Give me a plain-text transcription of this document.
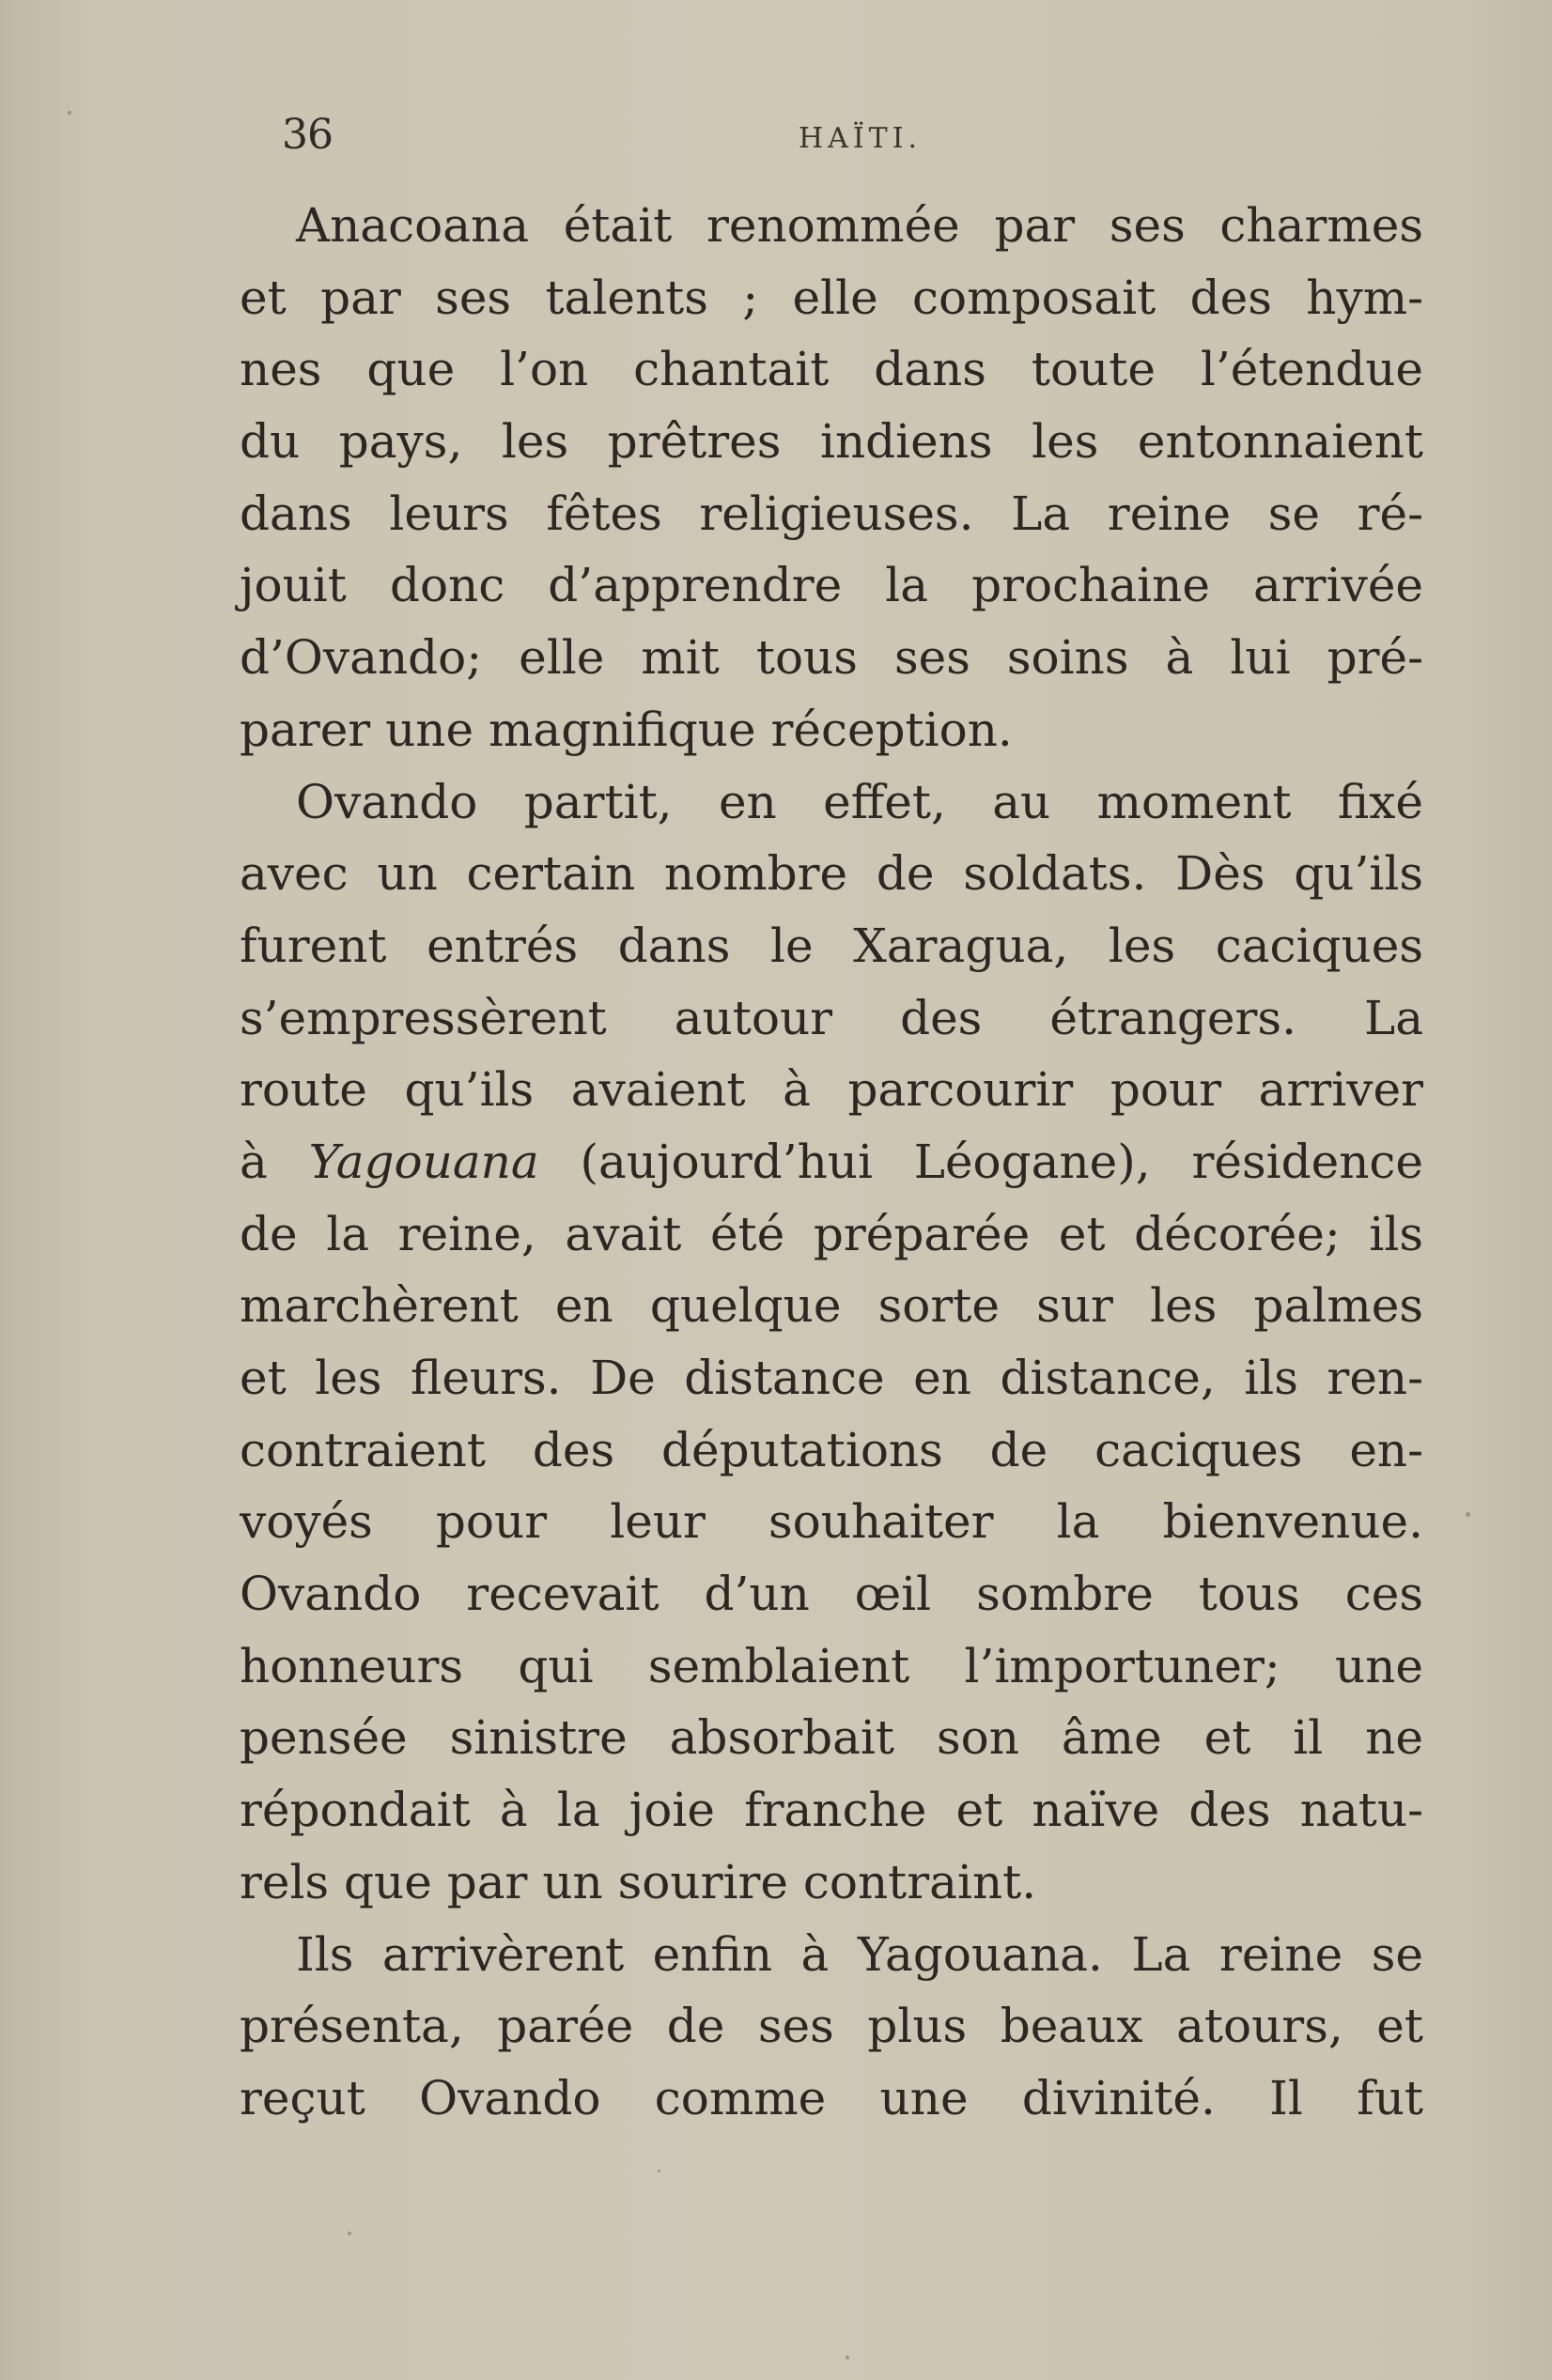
36	HAÏTI.
Anacoana était renommée par ses charmes
et par ses talents ; elle composait des hym-
nes que l’on chantait dans toute l’étendue
du pays, les prêtres indiens les entonnaient
dans leurs fêtes religieuses. La reine se ré-
jouit donc d’apprendre la prochaine arrivée
d’Ovando; elle mit tous ses soins à lui pré-
parer une magnifique réception.
Ovando partit, en effet, au moment fixé
avec un certain nombre de soldats. Dès qu’ils
furent entrés dans le Xaragua, les caciques
s’empressèrent autour des étrangers. La
route qu’ils avaient à parcourir pour arriver
à Yagouana (aujourd’hui Léogane), résidence
de la reine, avait été préparée et décorée; ils
marchèrent en quelque sorte sur les palmes
et les fleurs. De distance en distance, ils ren-
contraient des députations de caciques en-
voyés pour leur souhaiter la bienvenue.
Ovando recevait d’un œil sombre tous ces
honneurs qui semblaient l’importuner; une
pensée sinistre absorbait son âme et il ne
répondait à la joie franche et naïve des natu-
rels que par un sourire contraint.
Ils arrivèrent enfin à Yagouana. La reine se
présenta, parée de ses plus beaux atours, et
reçut Ovando comme une divinité. Il fut
